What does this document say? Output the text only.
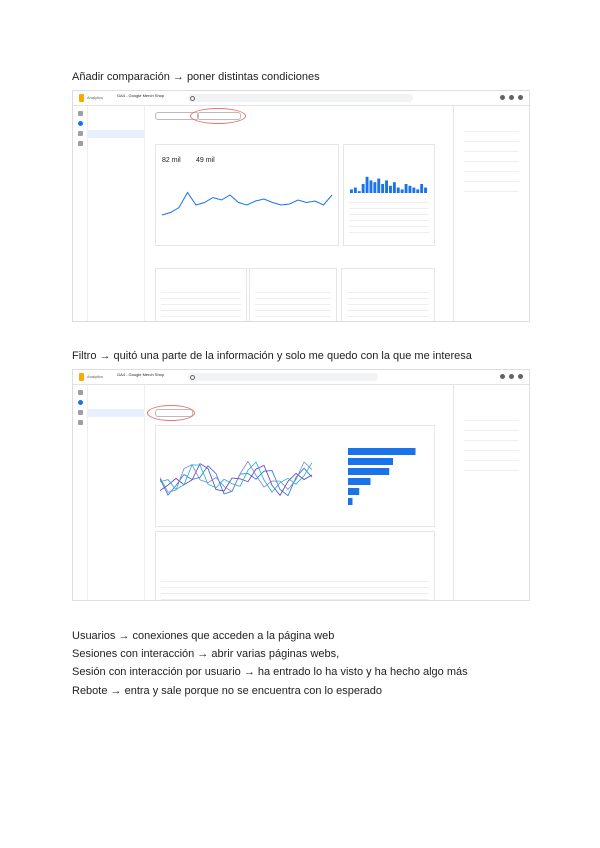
Añadir comparación → poner distintas condiciones
Analytics	GA4 - Google Merch Shop
82 mil 49 mil
Filtro → quitó una parte de la información y solo me quedo con la que me interesa
Analytics	GA4 - Google Merch Shop
Usuarios → conexiones que acceden a la página web
Sesiones con interacción → abrir varias páginas webs,
Sesión con interacción por usuario → ha entrado lo ha visto y ha hecho algo más
Rebote → entra y sale porque no se encuentra con lo esperado
